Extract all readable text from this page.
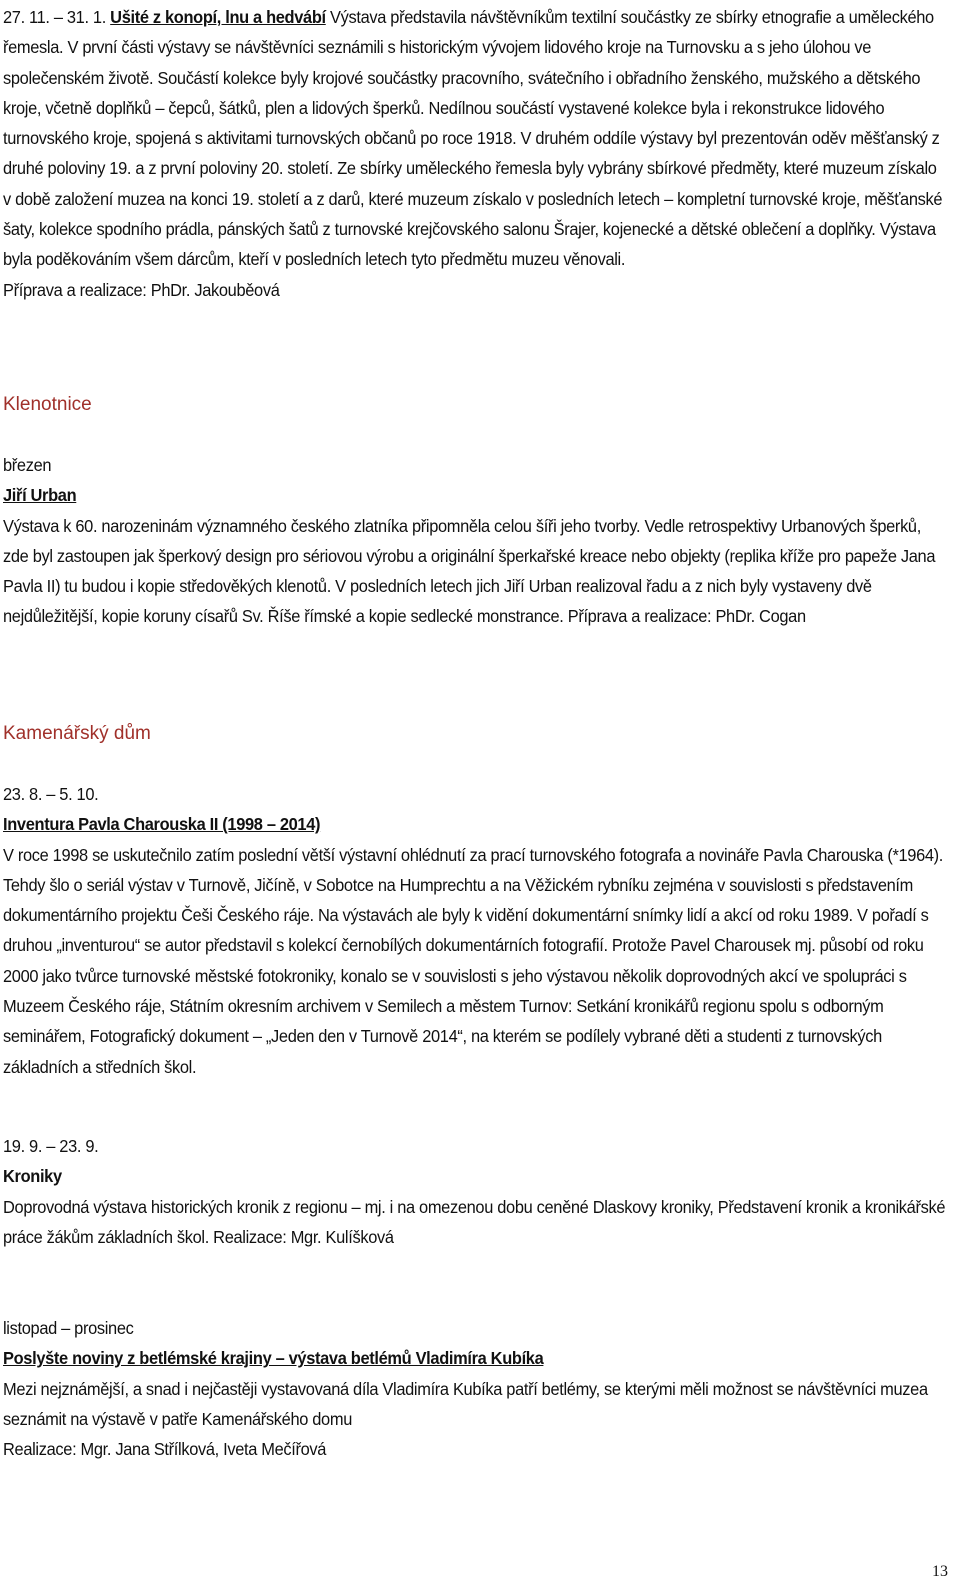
27. 11. – 31. 1. Ušité z konopí, lnu a hedvábí Výstava představila návštěvníkům textilní součástky ze sbírky etnografie a uměleckého řemesla. V první části výstavy se návštěvníci seznámili s historickým vývojem lidového kroje na Turnovsku a s jeho úlohou ve společenském životě. Součástí kolekce byly krojové součástky pracovního, svátečního i obřadního ženského, mužského a dětského kroje, včetně doplňků – čepců, šátků, plen a lidových šperků. Nedílnou součástí vystavené kolekce byla i rekonstrukce lidového turnovského kroje, spojená s aktivitami turnovských občanů po roce 1918. V druhém oddíle výstavy byl prezentován oděv měšťanský z druhé poloviny 19. a z první poloviny 20. století. Ze sbírky uměleckého řemesla byly vybrány sbírkové předměty, které muzeum získalo v době založení muzea na konci 19. století a z darů, které muzeum získalo v posledních letech – kompletní turnovské kroje, měšťanské šaty, kolekce spodního prádla, pánských šatů z turnovské krejčovského salonu Šrajer, kojenecké a dětské oblečení a doplňky. Výstava byla poděkováním všem dárcům, kteří v posledních letech tyto předmětu muzeu věnovali.
Příprava a realizace: PhDr. Jakouběová

Klenotnice

březen
Jiří Urban
Výstava k 60. narozeninám významného českého zlatníka připomněla celou šíři jeho tvorby. Vedle retrospektivy Urbanových šperků, zde byl zastoupen jak šperkový design pro sériovou výrobu a originální šperkařské kreace nebo objekty (replika kříže pro papeže Jana Pavla II) tu budou i kopie středověkých klenotů. V posledních letech jich Jiří Urban realizoval řadu a z nich byly vystaveny dvě nejdůležitější, kopie koruny císařů Sv. Říše římské a kopie sedlecké monstrance. Příprava a realizace: PhDr. Cogan

Kamenářský dům

23. 8. – 5. 10.
Inventura Pavla Charouska II (1998 – 2014)
V roce 1998 se uskutečnilo zatím poslední větší výstavní ohlédnutí za prací turnovského fotografa a novináře Pavla Charouska (*1964). Tehdy šlo o seriál výstav v Turnově, Jičíně, v Sobotce na Humprechtu a na Věžickém rybníku zejména v souvislosti s představením dokumentárního projektu Češi Českého ráje. Na výstavách ale byly k vidění dokumentární snímky lidí a akcí od roku 1989. V pořadí s druhou „inventurou“ se autor představil s kolekcí černobílých dokumentárních fotografií. Protože Pavel Charousek mj. působí od roku 2000 jako tvůrce turnovské městské fotokroniky, konalo se v souvislosti s jeho výstavou několik doprovodných akcí ve spolupráci s Muzeem Českého ráje, Státním okresním archivem v Semilech a městem Turnov: Setkání kronikářů regionu spolu s odborným seminářem, Fotografický dokument – „Jeden den v Turnově 2014“, na kterém se podílely vybrané děti a studenti z turnovských základních a středních škol.

19. 9. – 23. 9.
Kroniky
Doprovodná výstava historických kronik z regionu – mj. i na omezenou dobu ceněné Dlaskovy kroniky, Představení kronik a kronikářské práce žákům základních škol. Realizace: Mgr. Kulíšková

listopad – prosinec
Poslyšte noviny z betlémské krajiny – výstava betlémů Vladimíra Kubíka
Mezi nejznámější, a snad i nejčastěji vystavovaná díla Vladimíra Kubíka patří betlémy, se kterými měli možnost se návštěvníci muzea seznámit na výstavě v patře Kamenářského domu
Realizace: Mgr. Jana Střílková, Iveta Mečířová

13
